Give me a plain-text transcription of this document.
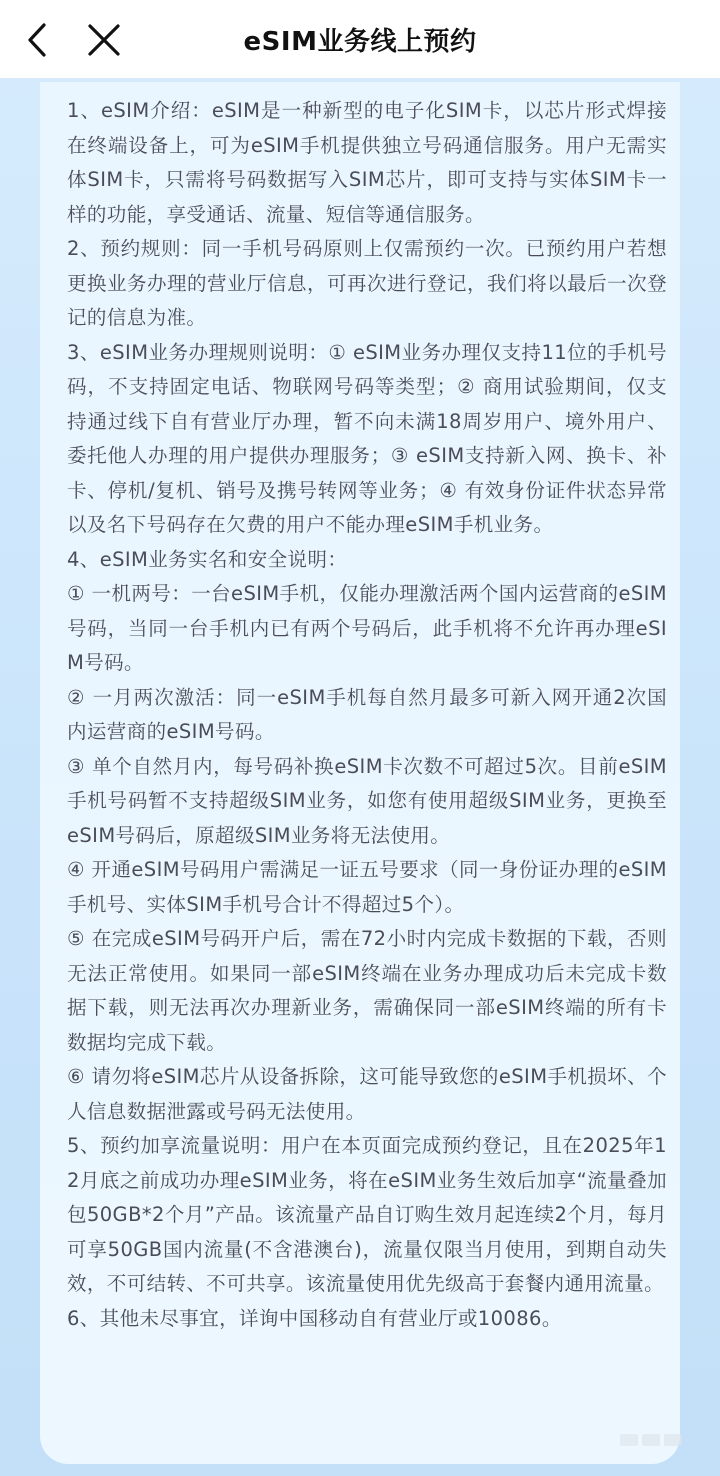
eSIM业务线上预约

1、eSIM介绍：eSIM是一种新型的电子化SIM卡，以芯片形式焊接在终端设备上，可为eSIM手机提供独立号码通信服务。用户无需实体SIM卡，只需将号码数据写入SIM芯片，即可支持与实体SIM卡一样的功能，享受通话、流量、短信等通信服务。

2、预约规则：同一手机号码原则上仅需预约一次。已预约用户若想更换业务办理的营业厅信息，可再次进行登记，我们将以最后一次登记的信息为准。

3、eSIM业务办理规则说明：① eSIM业务办理仅支持11位的手机号码，不支持固定电话、物联网号码等类型；② 商用试验期间，仅支持通过线下自有营业厅办理，暂不向未满18周岁用户、境外用户、委托他人办理的用户提供办理服务；③ eSIM支持新入网、换卡、补卡、停机/复机、销号及携号转网等业务；④ 有效身份证件状态异常以及名下号码存在欠费的用户不能办理eSIM手机业务。

4、eSIM业务实名和安全说明：

① 一机两号：一台eSIM手机，仅能办理激活两个国内运营商的eSIM号码，当同一台手机内已有两个号码后，此手机将不允许再办理eSIM号码。

② 一月两次激活：同一eSIM手机每自然月最多可新入网开通2次国内运营商的eSIM号码。

③ 单个自然月内，每号码补换eSIM卡次数不可超过5次。目前eSIM手机号码暂不支持超级SIM业务，如您有使用超级SIM业务，更换至eSIM号码后，原超级SIM业务将无法使用。

④ 开通eSIM号码用户需满足一证五号要求（同一身份证办理的eSIM手机号、实体SIM手机号合计不得超过5个）。

⑤ 在完成eSIM号码开户后，需在72小时内完成卡数据的下载，否则无法正常使用。如果同一部eSIM终端在业务办理成功后未完成卡数据下载，则无法再次办理新业务，需确保同一部eSIM终端的所有卡数据均完成下载。

⑥ 请勿将eSIM芯片从设备拆除，这可能导致您的eSIM手机损坏、个人信息数据泄露或号码无法使用。

5、预约加享流量说明：用户在本页面完成预约登记，且在2025年12月底之前成功办理eSIM业务，将在eSIM业务生效后加享“流量叠加包50GB*2个月”产品。该流量产品自订购生效月起连续2个月，每月可享50GB国内流量(不含港澳台)，流量仅限当月使用，到期自动失效，不可结转、不可共享。该流量使用优先级高于套餐内通用流量。

6、其他未尽事宜，详询中国移动自有营业厅或10086。
